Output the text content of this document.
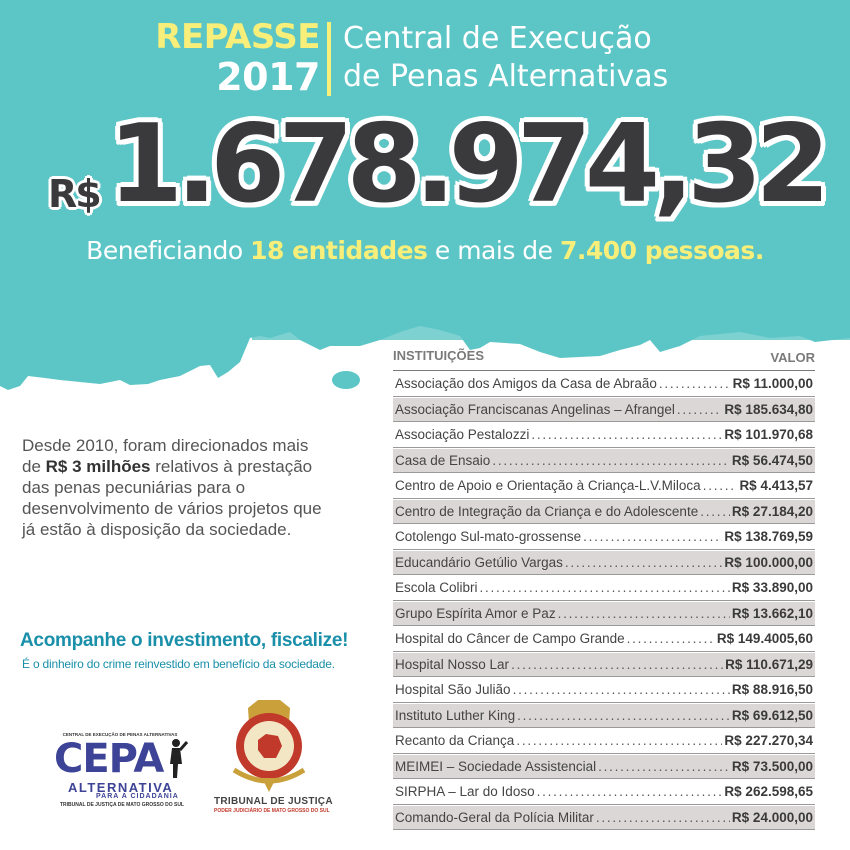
REPASSE
2017
Central de Execução
de Penas Alternativas
R$ 1.678.974,32
Beneficiando 18 entidades e mais de 7.400 pessoas.
Desde 2010, foram direcionados mais
de R$ 3 milhões relativos à prestação
das penas pecuniárias para o
desenvolvimento de vários projetos que
já estão à disposição da sociedade.
Acompanhe o investimento, fiscalize!
É o dinheiro do crime reinvestido em benefício da sociedade.
INSTITUIÇÕES	VALOR
Associação dos Amigos da Casa de Abraão . . .	R$ 11.000,00
Associação Franciscanas Angelinas – Afrangel . . .	R$ 185.634,80
Associação Pestalozzi . . .	R$ 101.970,68
Casa de Ensaio . . .	R$ 56.474,50
Centro de Apoio e Orientação à Criança-L.V.Miloca . . .	R$ 4.413,57
Centro de Integração da Criança e do Adolescente . . . R$ 27.184,20
Cotolengo Sul-mato-grossense . . .	R$ 138.769,59
Educandário Getúlio Vargas . . .	R$ 100.000,00
Escola Colibri . . .	R$ 33.890,00
Grupo Espírita Amor e Paz . . .	R$ 13.662,10
Hospital do Câncer de Campo Grande . . .	R$ 149.4005,60
Hospital Nosso Lar . . .	R$ 110.671,29
Hospital São Julião . . .	R$ 88.916,50
Instituto Luther King . . .	R$ 69.612,50
Recanto da Criança . . .	R$ 227.270,34
MEIMEI – Sociedade Assistencial . . .	R$ 73.500,00
SIRPHA – Lar do Idoso . . .	R$ 262.598,65
Comando-Geral da Polícia Militar . . .	R$ 24.000,00
CENTRAL DE EXECUÇÃO DE PENAS ALTERNATIVAS
CEPA
ALTERNATIVA
PARA A CIDADANIA
TRIBUNAL DE JUSTIÇA DE MATO GROSSO DO SUL	TRIBUNAL DE JUSTIÇA
PODER JUDICIÁRIO DE MATO GROSSO DO SUL
